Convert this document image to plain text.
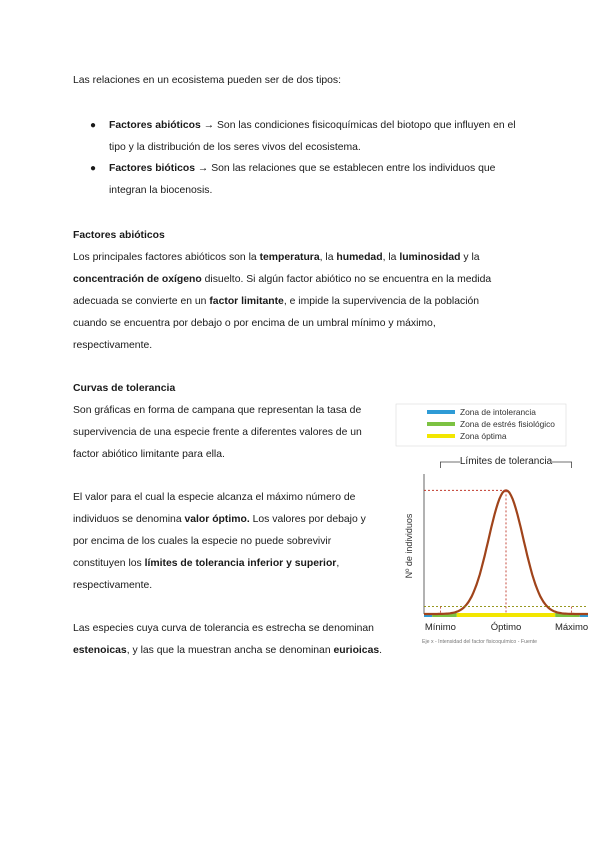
Las relaciones en un ecosistema pueden ser de dos tipos:
● Factores abióticos → Son las condiciones fisicoquímicas del biotopo que influyen en el
tipo y la distribución de los seres vivos del ecosistema.
● Factores bióticos → Son las relaciones que se establecen entre los individuos que
integran la biocenosis.
Factores abióticos
Los principales factores abióticos son la temperatura, la humedad, la luminosidad y la
concentración de oxígeno disuelto. Si algún factor abiótico no se encuentra en la medida
adecuada se convierte en un factor limitante, e impide la supervivencia de la población
cuando se encuentra por debajo o por encima de un umbral mínimo y máximo,
respectivamente.
Curvas de tolerancia
Son gráficas en forma de campana que representan la tasa de
supervivencia de una especie frente a diferentes valores de un
factor abiótico limitante para ella.
El valor para el cual la especie alcanza el máximo número de
individuos se denomina valor óptimo. Los valores por debajo y
por encima de los cuales la especie no puede sobrevivir
constituyen los límites de tolerancia inferior y superior,
respectivamente.
Las especies cuya curva de tolerancia es estrecha se denominan
estenoicas, y las que la muestran ancha se denominan eurioicas.
Zona de intolerancia
Zona de estrés fisiológico
Zona óptima
Límites de tolerancia
Nº de individuos
Mínimo	Óptimo	Máximo
Eje x - Intensidad del factor fisicoquímico - Fuente
